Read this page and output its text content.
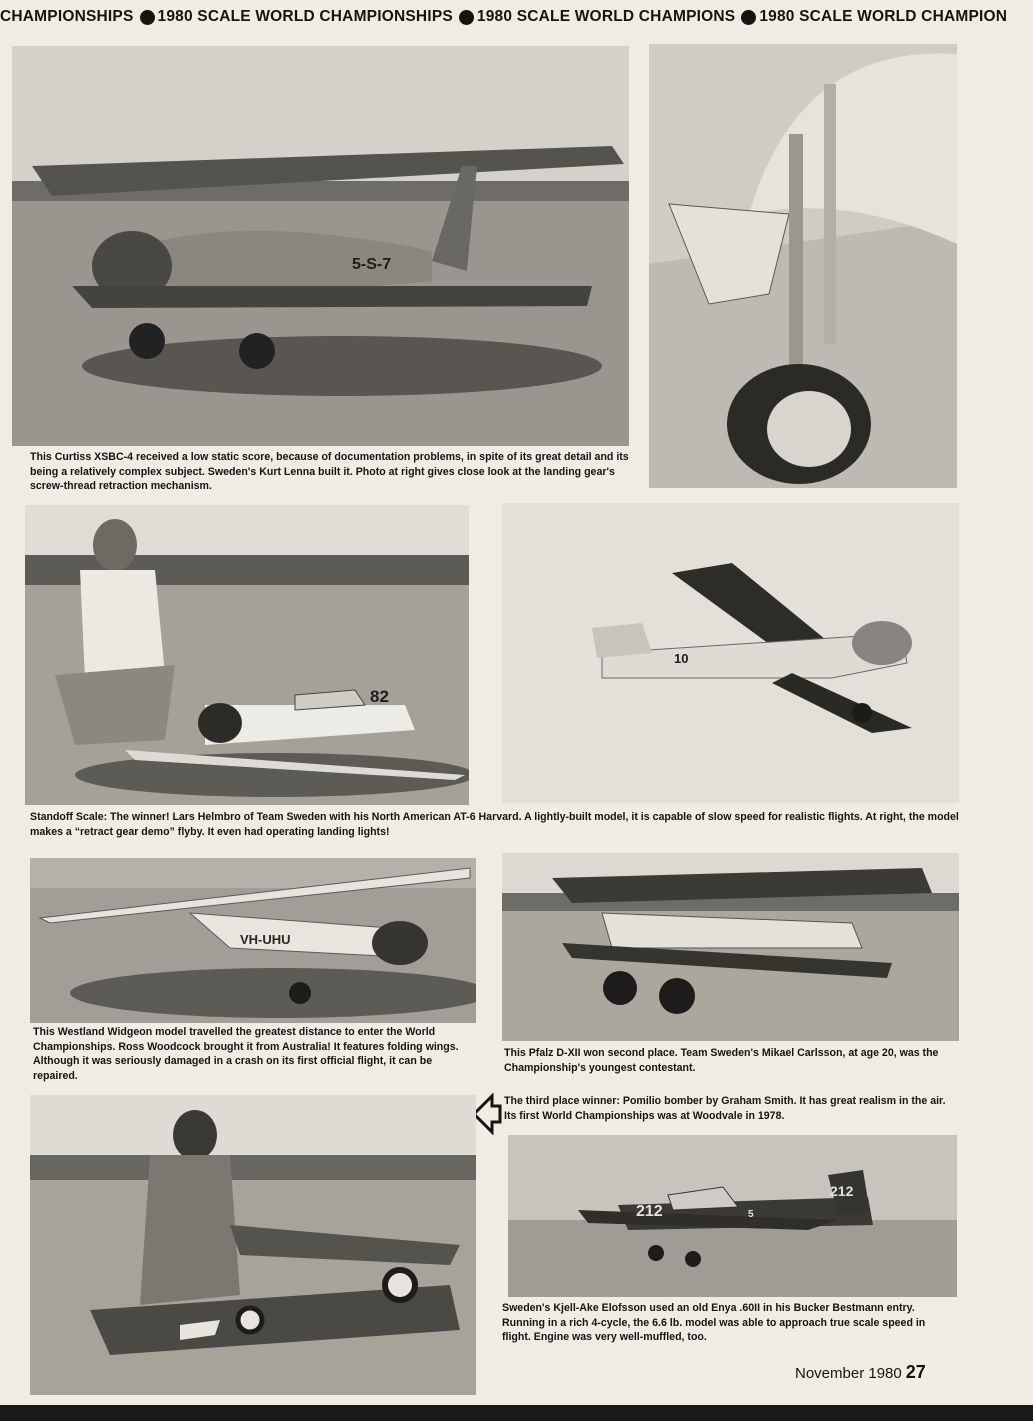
CHAMPIONSHIPS 1980 SCALE WORLD CHAMPIONSHIPS 1980 SCALE WORLD CHAMPIONS 1980 SCALE WORLD CHAMPION
5-S-7
This Curtiss XSBC-4 received a low static score, because of documentation problems, in spite of its great detail and its being a relatively complex subject. Sweden's Kurt Lenna built it. Photo at right gives close look at the landing gear's screw-thread retraction mechanism.
82
10
Standoff Scale: The winner! Lars Helmbro of Team Sweden with his North American AT-6 Harvard. A lightly-built model, it is capable of slow speed for realistic flights. At right, the model makes a “retract gear demo” flyby. It even had operating landing lights!
VH-UHU
This Westland Widgeon model travelled the greatest distance to enter the World Championships. Ross Woodcock brought it from Australia! It features folding wings. Although it was seriously damaged in a crash on its first official flight, it can be repaired.
This Pfalz D-XII won second place. Team Sweden's Mikael Carlsson, at age 20, was the Championship's youngest contestant.
The third place winner: Pomilio bomber by Graham Smith. It has great realism in the air. Its first World Championships was at Woodvale in 1978.
212
212
5
Sweden's Kjell-Ake Elofsson used an old Enya .60II in his Bucker Bestmann entry. Running in a rich 4-cycle, the 6.6 lb. model was able to approach true scale speed in flight. Engine was very well-muffled, too.
November 1980 27
